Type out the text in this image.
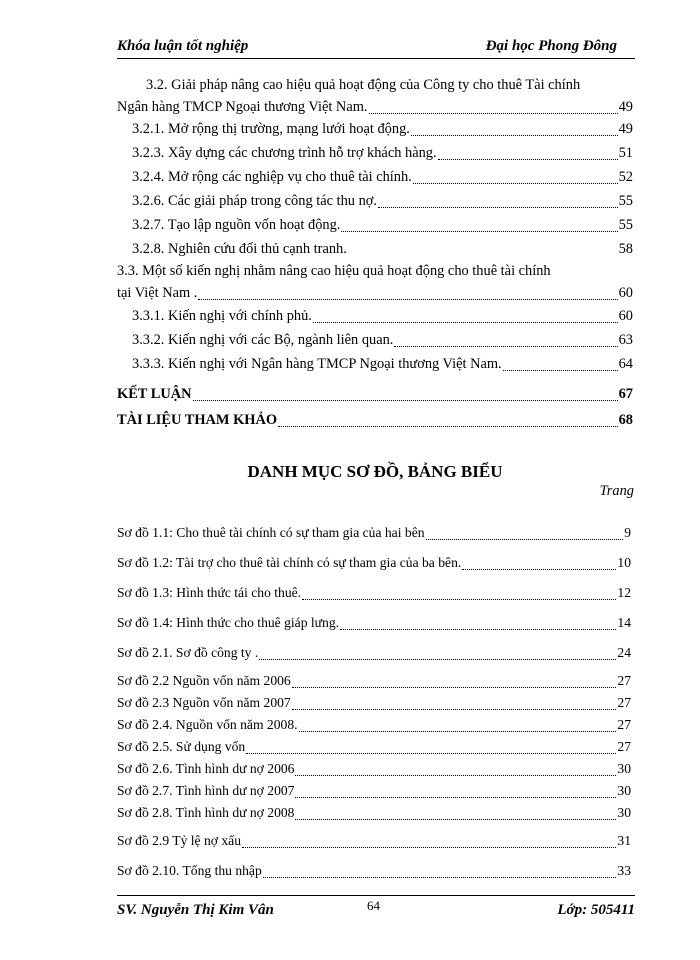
Khóa luận tốt nghiệp	Đại học Phong Đông
3.2. Giải pháp nâng cao hiệu quả hoạt động của Công ty cho thuê Tài chính
Ngân hàng TMCP Ngoại thương Việt Nam.	49
3.2.1. Mở rộng thị trường, mạng lưới hoạt động.	49
3.2.3. Xây dựng các chương trình hỗ trợ khách hàng.	51
3.2.4. Mở rộng các nghiệp vụ cho thuê tài chính.	52
3.2.6. Các giải pháp trong công tác thu nợ.	55
3.2.7. Tạo lập nguồn vốn hoạt động.	55
3.2.8. Nghiên cứu đối thủ cạnh tranh.	58
3.3. Một số kiến nghị nhằm nâng cao hiệu quả hoạt động cho thuê tài chính
tại Việt Nam .	60
3.3.1. Kiến nghị với chính phủ.	60
3.3.2. Kiến nghị với các Bộ, ngành liên quan.	63
3.3.3. Kiến nghị với Ngân hàng TMCP Ngoại thương Việt Nam.	64
KẾT LUẬN	67
TÀI LIỆU THAM KHẢO	68
DANH MỤC SƠ ĐỒ, BẢNG BIỂU
Trang
Sơ đồ 1.1: Cho thuê tài chính có sự tham gia của hai bên	9
Sơ đồ 1.2: Tài trợ cho thuê tài chính có sự tham gia của ba bên.	10
Sơ đồ 1.3: Hình thức tái cho thuê.	12
Sơ đồ 1.4: Hình thức cho thuê giáp lưng.	14
Sơ đồ 2.1. Sơ đồ công ty .	24
Sơ đồ 2.2 Nguồn vốn năm 2006	27
Sơ đồ 2.3 Nguồn vốn năm 2007	27
Sơ đồ 2.4. Nguồn vốn năm 2008.	27
Sơ đồ 2.5. Sử dụng vốn	27
Sơ đồ 2.6. Tình hình dư nợ 2006	30
Sơ đồ 2.7. Tình hình dư nợ 2007	30
Sơ đồ 2.8. Tình hình dư nợ 2008	30
Sơ đồ 2.9 Tỷ lệ nợ xấu	31
Sơ đồ 2.10. Tổng thu nhập	33
SV. Nguyễn Thị Kim Vân	64	Lớp: 505411
